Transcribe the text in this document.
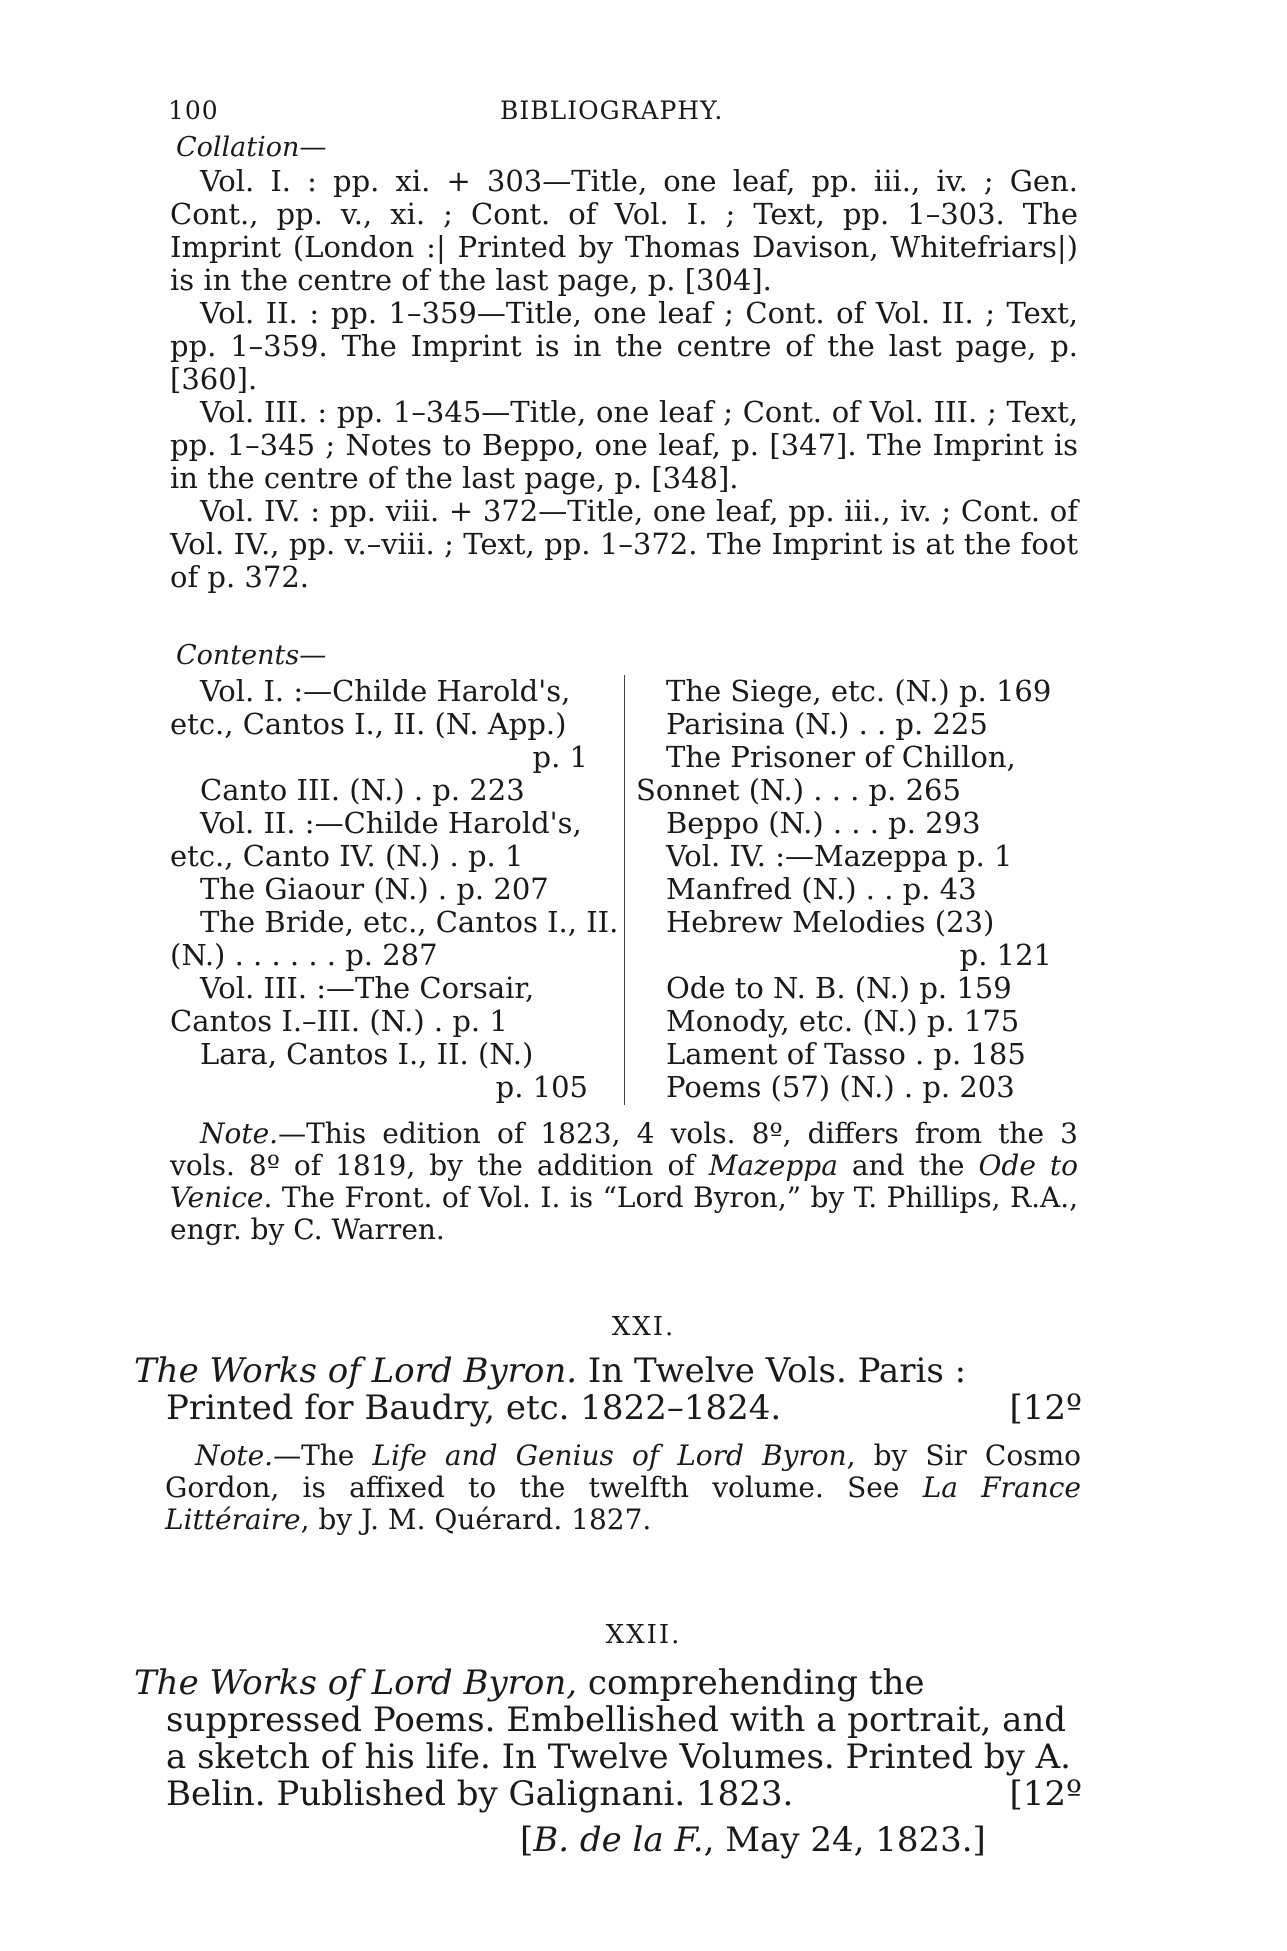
100	BIBLIOGRAPHY.
Collation—

Vol. I. : pp. xi. + 303—Title, one leaf, pp. iii., iv. ; Gen. Cont., pp. v., xi. ; Cont. of Vol. I. ; Text, pp. 1–303. The Imprint (London :| Printed by Thomas Davison, Whitefriars|) is in the centre of the last page, p. [304].

Vol. II. : pp. 1–359—Title, one leaf ; Cont. of Vol. II. ; Text, pp. 1–359. The Imprint is in the centre of the last page, p. [360].

Vol. III. : pp. 1–345—Title, one leaf ; Cont. of Vol. III. ; Text, pp. 1–345 ; Notes to Beppo, one leaf, p. [347]. The Imprint is in the centre of the last page, p. [348].

Vol. IV. : pp. viii. + 372—Title, one leaf, pp. iii., iv. ; Cont. of Vol. IV., pp. v.–viii. ; Text, pp. 1–372. The Imprint is at the foot of p. 372.

Contents—
Vol. I. :—Childe Harold's,
etc., Cantos I., II. (N. App.)
p. 1
Canto III. (N.) . p. 223
Vol. II. :—Childe Harold's,
etc., Canto IV. (N.) . p. 1
The Giaour (N.) . p. 207
The Bride, etc., Cantos I., II.
(N.) . . . . . . p. 287
Vol. III. :—The Corsair,
Cantos I.–III. (N.) . p. 1
Lara, Cantos I., II. (N.)
p. 105
The Siege, etc. (N.) p. 169
Parisina (N.) . . p. 225
The Prisoner of Chillon,
Sonnet (N.) . . . p. 265
Beppo (N.) . . . p. 293
Vol. IV. :—Mazeppa p. 1
Manfred (N.) . . p. 43
Hebrew Melodies (23)
p. 121
Ode to N. B. (N.) p. 159
Monody, etc. (N.) p. 175
Lament of Tasso . p. 185
Poems (57) (N.) . p. 203

Note.—This edition of 1823, 4 vols. 8º, differs from the 3 vols. 8º of 1819, by the addition of Mazeppa and the Ode to Venice. The Front. of Vol. I. is “Lord Byron,” by T. Phillips, R.A., engr. by C. Warren.

XXI.
The Works of Lord Byron. In Twelve Vols. Paris : Printed for Baudry, etc. 1822–1824.	[12º

Note.—The Life and Genius of Lord Byron, by Sir Cosmo Gordon, is affixed to the twelfth volume. See La France Littéraire, by J. M. Quérard. 1827.

XXII.
The Works of Lord Byron, comprehending the suppressed Poems. Embellished with a portrait, and a sketch of his life. In Twelve Volumes. Printed by A. Belin. Published by Galignani. 1823.	[12º
[B. de la F., May 24, 1823.]
